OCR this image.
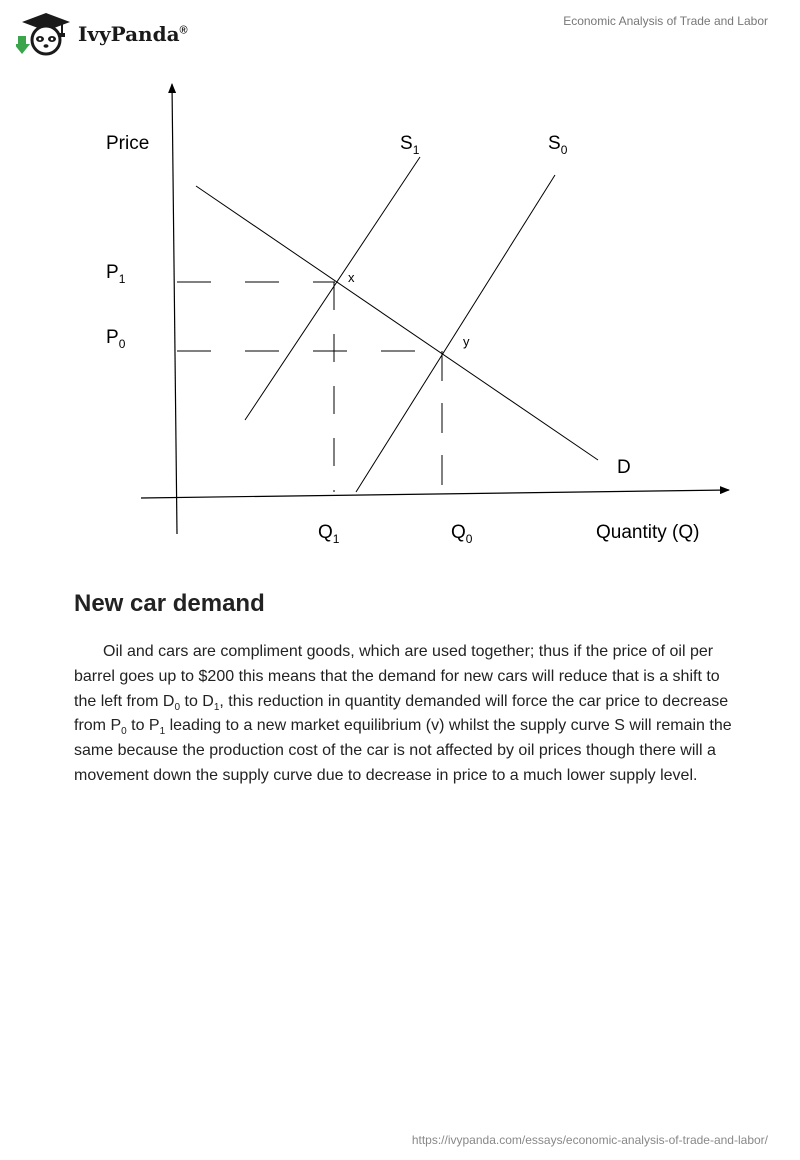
IvyPanda®
Economic Analysis of Trade and Labor
Price
Quantity (Q)
$S_1$	$S_0$
D
$P_1$
$P_0$
$Q_1$	$Q_0$
x
y
New car demand

Oil and cars are compliment goods, which are used together; thus if the price of oil per barrel goes up to $200 this means that the demand for new cars will reduce that is a shift to the left from $D_0$ to $D_1$, this reduction in quantity demanded will force the car price to decrease from $P_0$ to $P_1$ leading to a new market equilibrium (v) whilst the supply curve S will remain the same because the production cost of the car is not affected by oil prices though there will a movement down the supply curve due to decrease in price to a much lower supply level.

https://ivypanda.com/essays/economic-analysis-of-trade-and-labor/
